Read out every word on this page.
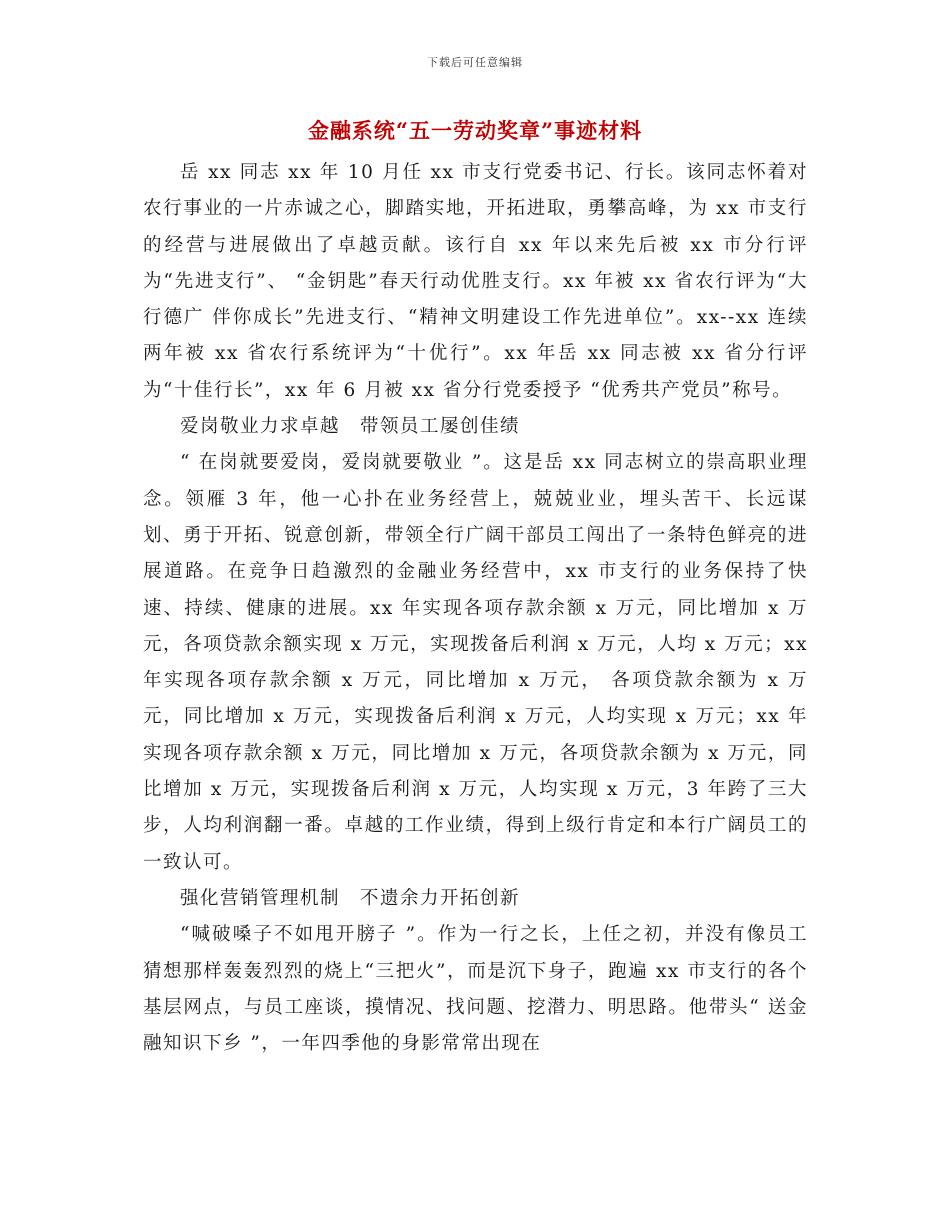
下载后可任意编辑
金融系统“五一劳动奖章”事迹材料

岳 xx 同志 xx 年 10 月任 xx 市支行党委书记、行长。该同志怀着对农行事业的一片赤诚之心，脚踏实地，开拓进取，勇攀高峰，为 xx 市支行的经营与进展做出了卓越贡献。该行自 xx 年以来先后被 xx 市分行评为“先进支行”、 “金钥匙”春天行动优胜支行。xx 年被 xx 省农行评为“大行德广 伴你成长”先进支行、“精神文明建设工作先进单位”。xx--xx 连续两年被 xx 省农行系统评为“十优行”。xx 年岳 xx 同志被 xx 省分行评为“十佳行长”，xx 年 6 月被 xx 省分行党委授予 “优秀共产党员”称号。

爱岗敬业力求卓越　带领员工屡创佳绩

“ 在岗就要爱岗，爱岗就要敬业 ”。这是岳 xx 同志树立的崇高职业理念。领雁 3 年，他一心扑在业务经营上，兢兢业业，埋头苦干、长远谋划、勇于开拓、锐意创新，带领全行广阔干部员工闯出了一条特色鲜亮的进展道路。在竞争日趋激烈的金融业务经营中，xx 市支行的业务保持了快速、持续、健康的进展。xx 年实现各项存款余额 x 万元，同比增加 x 万元，各项贷款余额实现 x 万元，实现拨备后利润 x 万元，人均 x 万元；xx 年实现各项存款余额 x 万元，同比增加 x 万元， 各项贷款余额为 x 万元，同比增加 x 万元，实现拨备后利润 x 万元，人均实现 x 万元；xx 年实现各项存款余额 x 万元，同比增加 x 万元，各项贷款余额为 x 万元，同比增加 x 万元，实现拨备后利润 x 万元，人均实现 x 万元，3 年跨了三大步，人均利润翻一番。卓越的工作业绩，得到上级行肯定和本行广阔员工的一致认可。

强化营销管理机制　不遗余力开拓创新

“喊破嗓子不如甩开膀子 ”。作为一行之长，上任之初，并没有像员工猜想那样轰轰烈烈的烧上“三把火”，而是沉下身子，跑遍 xx 市支行的各个基层网点，与员工座谈，摸情况、找问题、挖潜力、明思路。他带头“ 送金融知识下乡 ”，一年四季他的身影常常出现在
